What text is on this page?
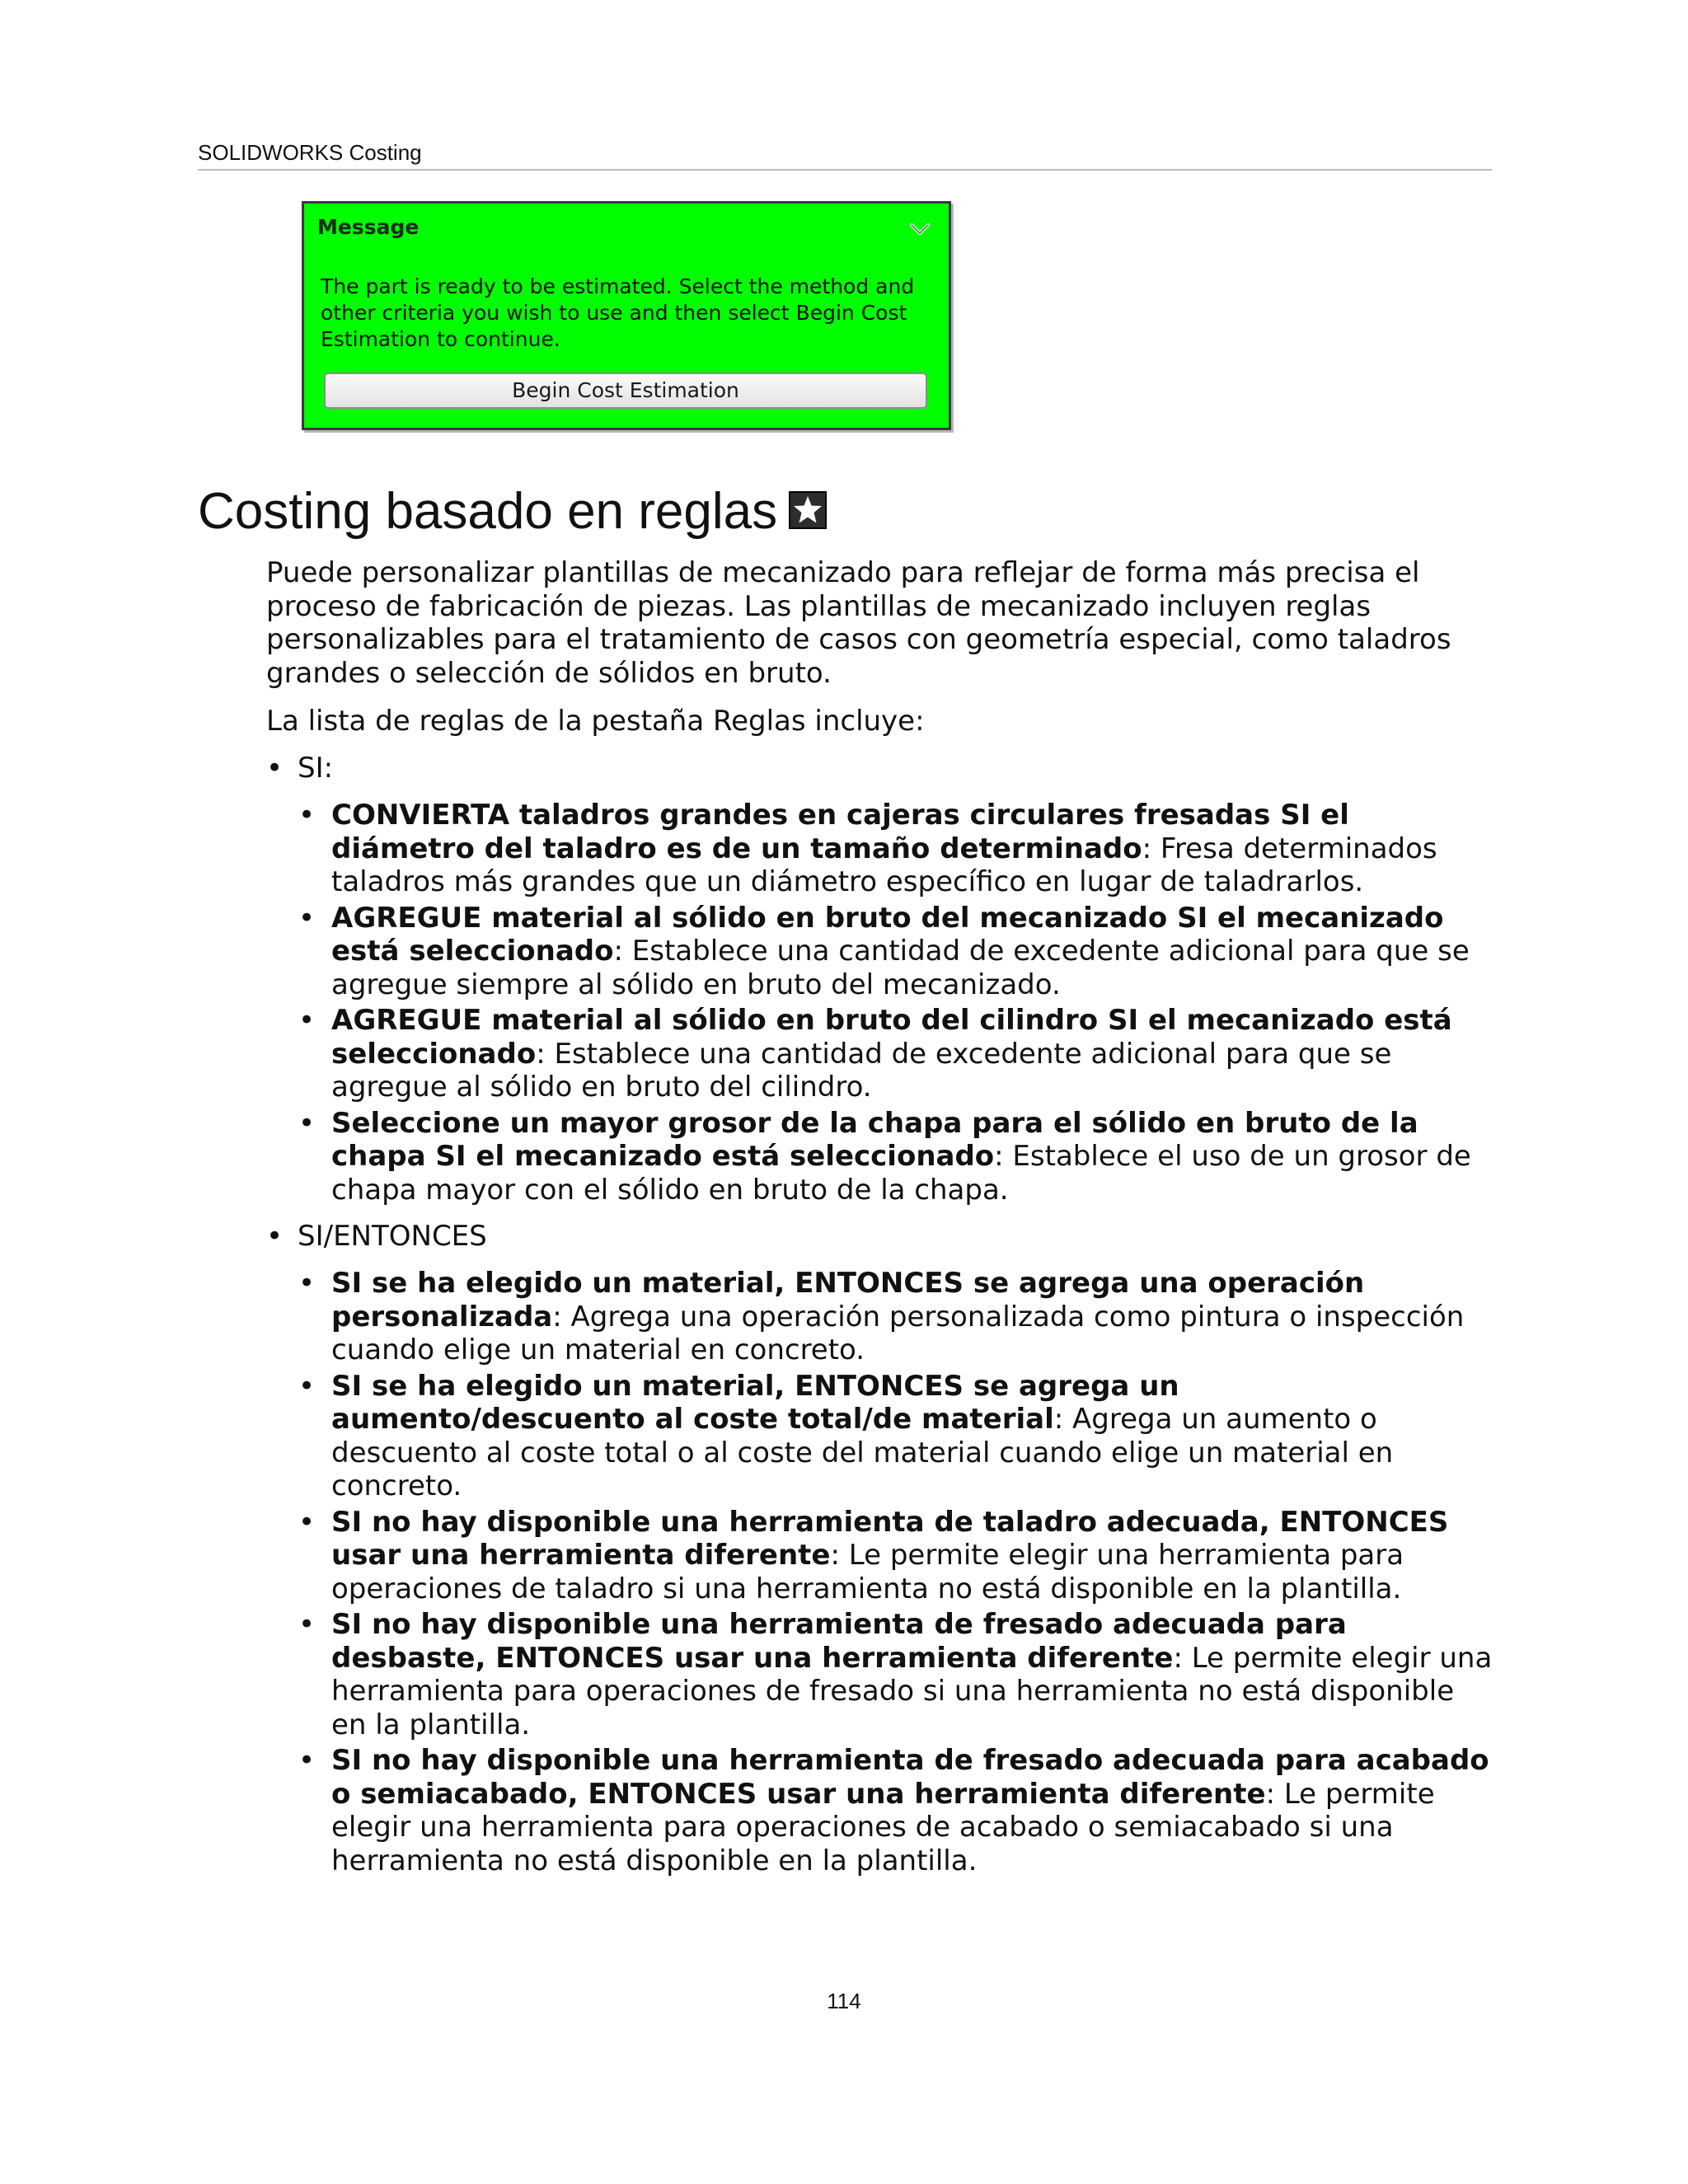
SOLIDWORKS Costing
Message
The part is ready to be estimated. Select the method and other criteria you wish to use and then select Begin Cost Estimation to continue.
Begin Cost Estimation
Costing basado en reglas
Puede personalizar plantillas de mecanizado para reflejar de forma más precisa el proceso de fabricación de piezas. Las plantillas de mecanizado incluyen reglas personalizables para el tratamiento de casos con geometría especial, como taladros grandes o selección de sólidos en bruto.
La lista de reglas de la pestaña Reglas incluye:
• SI:
• CONVIERTA taladros grandes en cajeras circulares fresadas SI el diámetro del taladro es de un tamaño determinado: Fresa determinados taladros más grandes que un diámetro específico en lugar de taladrarlos.
• AGREGUE material al sólido en bruto del mecanizado SI el mecanizado está seleccionado: Establece una cantidad de excedente adicional para que se agregue siempre al sólido en bruto del mecanizado.
• AGREGUE material al sólido en bruto del cilindro SI el mecanizado está seleccionado: Establece una cantidad de excedente adicional para que se agregue al sólido en bruto del cilindro.
• Seleccione un mayor grosor de la chapa para el sólido en bruto de la chapa SI el mecanizado está seleccionado: Establece el uso de un grosor de chapa mayor con el sólido en bruto de la chapa.
• SI/ENTONCES
• SI se ha elegido un material, ENTONCES se agrega una operación personalizada: Agrega una operación personalizada como pintura o inspección cuando elige un material en concreto.
• SI se ha elegido un material, ENTONCES se agrega un aumento/descuento al coste total/de material: Agrega un aumento o descuento al coste total o al coste del material cuando elige un material en concreto.
• SI no hay disponible una herramienta de taladro adecuada, ENTONCES usar una herramienta diferente: Le permite elegir una herramienta para operaciones de taladro si una herramienta no está disponible en la plantilla.
• SI no hay disponible una herramienta de fresado adecuada para desbaste, ENTONCES usar una herramienta diferente: Le permite elegir una herramienta para operaciones de fresado si una herramienta no está disponible en la plantilla.
• SI no hay disponible una herramienta de fresado adecuada para acabado o semiacabado, ENTONCES usar una herramienta diferente: Le permite elegir una herramienta para operaciones de acabado o semiacabado si una herramienta no está disponible en la plantilla.
114
